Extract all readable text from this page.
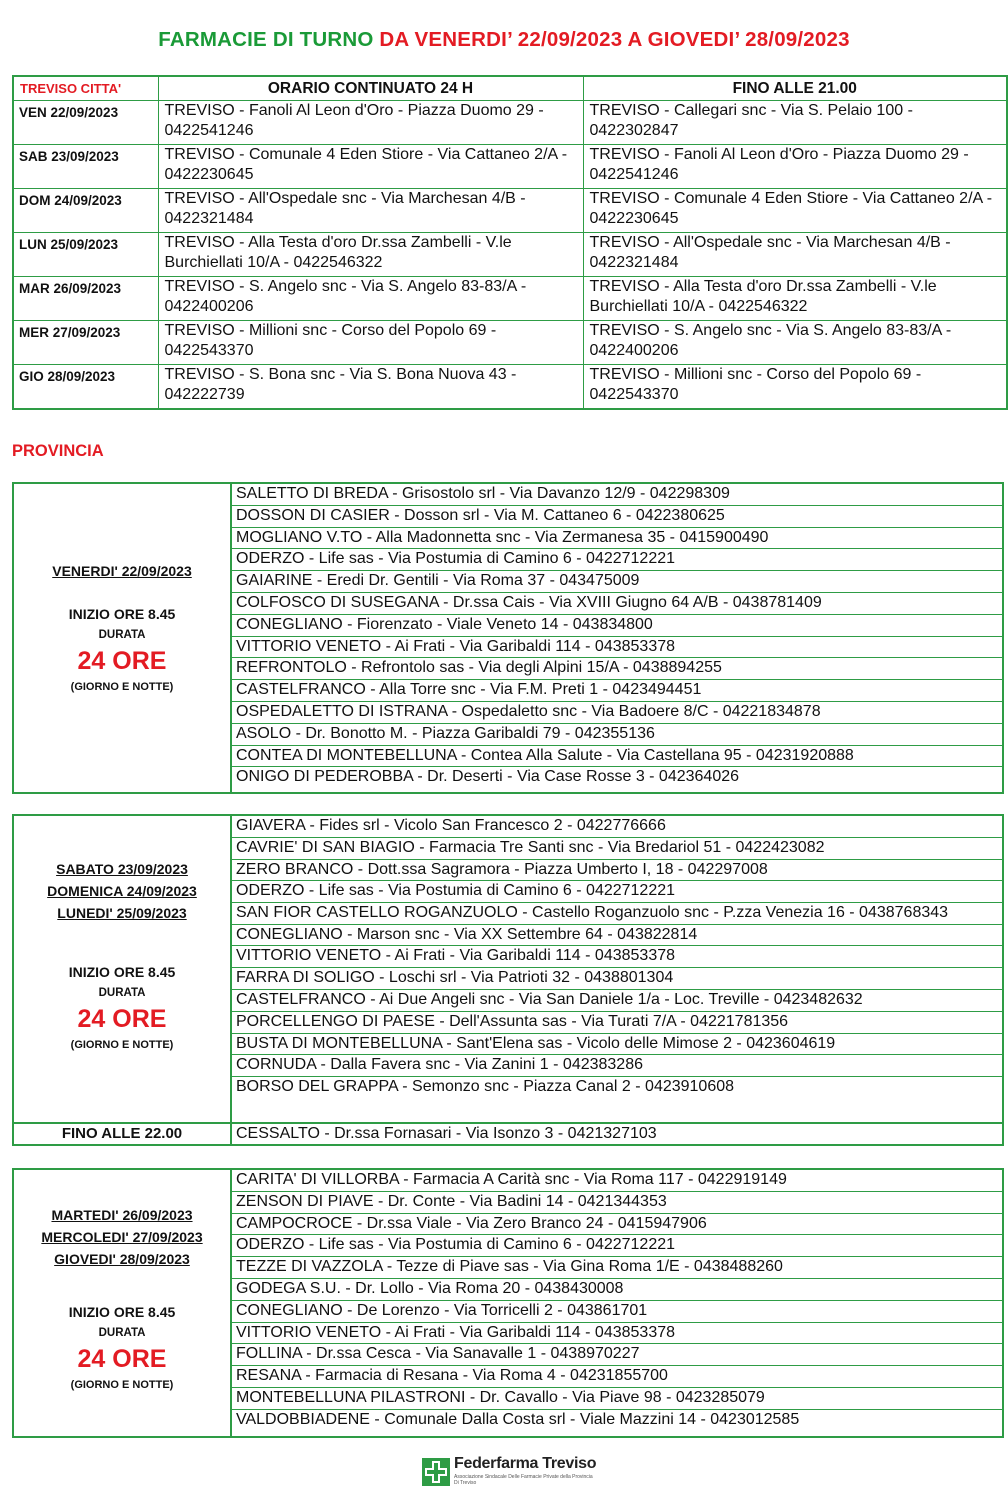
FARMACIE DI TURNO DA VENERDI’ 22/09/2023 A GIOVEDI’ 28/09/2023
TREVISO CITTA'	ORARIO CONTINUATO 24 H	FINO ALLE 21.00
VEN 22/09/2023	TREVISO - Fanoli Al Leon d'Oro - Piazza Duomo 29 - 0422541246	TREVISO - Callegari snc - Via S. Pelaio 100 - 0422302847
SAB 23/09/2023	TREVISO - Comunale 4 Eden Stiore - Via Cattaneo 2/A - 0422230645	TREVISO - Fanoli Al Leon d'Oro - Piazza Duomo 29 - 0422541246
DOM 24/09/2023	TREVISO - All'Ospedale snc - Via Marchesan 4/B - 0422321484	TREVISO - Comunale 4 Eden Stiore - Via Cattaneo 2/A - 0422230645
LUN 25/09/2023	TREVISO - Alla Testa d'oro Dr.ssa Zambelli - V.le Burchiellati 10/A - 0422546322	TREVISO - All'Ospedale snc - Via Marchesan 4/B - 0422321484
MAR 26/09/2023	TREVISO - S. Angelo snc - Via S. Angelo 83-83/A - 0422400206	TREVISO - Alla Testa d'oro Dr.ssa Zambelli - V.le Burchiellati 10/A - 0422546322
MER 27/09/2023	TREVISO - Millioni snc - Corso del Popolo 69 - 0422543370	TREVISO - S. Angelo snc - Via S. Angelo 83-83/A - 0422400206
GIO 28/09/2023	TREVISO - S. Bona snc - Via S. Bona Nuova 43 - 042222739	TREVISO - Millioni snc - Corso del Popolo 69 - 0422543370
PROVINCIA
VENERDI' 22/09/2023
INIZIO ORE 8.45
DURATA
24 ORE
(GIORNO E NOTTE)
SALETTO DI BREDA - Grisostolo srl - Via Davanzo 12/9 - 042298309
DOSSON DI CASIER - Dosson srl - Via M. Cattaneo 6 - 0422380625
MOGLIANO V.TO - Alla Madonnetta snc - Via Zermanesa 35 - 0415900490
ODERZO - Life sas - Via Postumia di Camino 6 - 0422712221
GAIARINE - Eredi Dr. Gentili - Via Roma 37 - 043475009
COLFOSCO DI SUSEGANA - Dr.ssa Cais - Via XVIII Giugno 64 A/B - 0438781409
CONEGLIANO - Fiorenzato - Viale Veneto 14 - 043834800
VITTORIO VENETO - Ai Frati - Via Garibaldi 114 - 043853378
REFRONTOLO - Refrontolo sas - Via degli Alpini 15/A - 0438894255
CASTELFRANCO - Alla Torre snc - Via F.M. Preti 1 - 0423494451
OSPEDALETTO DI ISTRANA - Ospedaletto snc - Via Badoere 8/C - 04221834878
ASOLO - Dr. Bonotto M. - Piazza Garibaldi 79 - 042355136
CONTEA DI MONTEBELLUNA - Contea Alla Salute - Via Castellana 95 - 04231920888
ONIGO DI PEDEROBBA - Dr. Deserti - Via Case Rosse 3 - 042364026
SABATO 23/09/2023
DOMENICA 24/09/2023
LUNEDI' 25/09/2023
INIZIO ORE 8.45
DURATA
24 ORE
(GIORNO E NOTTE)
GIAVERA - Fides srl - Vicolo San Francesco 2 - 0422776666
CAVRIE' DI SAN BIAGIO - Farmacia Tre Santi snc - Via Bredariol 51 - 0422423082
ZERO BRANCO - Dott.ssa Sagramora - Piazza Umberto I, 18 - 042297008
ODERZO - Life sas - Via Postumia di Camino 6 - 0422712221
SAN FIOR CASTELLO ROGANZUOLO - Castello Roganzuolo snc - P.zza Venezia 16 - 0438768343
CONEGLIANO - Marson snc - Via XX Settembre 64 - 043822814
VITTORIO VENETO - Ai Frati - Via Garibaldi 114 - 043853378
FARRA DI SOLIGO - Loschi srl - Via Patrioti 32 - 0438801304
CASTELFRANCO - Ai Due Angeli snc - Via San Daniele 1/a - Loc. Treville - 0423482632
PORCELLENGO DI PAESE - Dell'Assunta sas - Via Turati 7/A - 04221781356
BUSTA DI MONTEBELLUNA - Sant'Elena sas - Vicolo delle Mimose 2 - 0423604619
CORNUDA - Dalla Favera snc - Via Zanini 1 - 042383286
BORSO DEL GRAPPA - Semonzo snc - Piazza Canal 2 - 0423910608
FINO ALLE 22.00	CESSALTO - Dr.ssa Fornasari - Via Isonzo 3 - 0421327103
MARTEDI' 26/09/2023
MERCOLEDI' 27/09/2023
GIOVEDI' 28/09/2023
INIZIO ORE 8.45
DURATA
24 ORE
(GIORNO E NOTTE)
CARITA' DI VILLORBA - Farmacia A Carità snc - Via Roma 117 - 0422919149
ZENSON DI PIAVE - Dr. Conte - Via Badini 14 - 0421344353
CAMPOCROCE - Dr.ssa Viale - Via Zero Branco 24 - 0415947906
ODERZO - Life sas - Via Postumia di Camino 6 - 0422712221
TEZZE DI VAZZOLA - Tezze di Piave sas - Via Gina Roma 1/E - 0438488260
GODEGA S.U. - Dr. Lollo - Via Roma 20 - 0438430008
CONEGLIANO - De Lorenzo - Via Torricelli 2 - 043861701
VITTORIO VENETO - Ai Frati - Via Garibaldi 114 - 043853378
FOLLINA - Dr.ssa Cesca - Via Sanavalle 1 - 0438970227
RESANA - Farmacia di Resana - Via Roma 4 - 04231855700
MONTEBELLUNA PILASTRONI - Dr. Cavallo - Via Piave 98 - 0423285079
VALDOBBIADENE - Comunale Dalla Costa srl - Viale Mazzini 14 - 0423012585
Federfarma Treviso
Associazione Sindacale Delle Farmacie Private della Provincia Di Treviso
